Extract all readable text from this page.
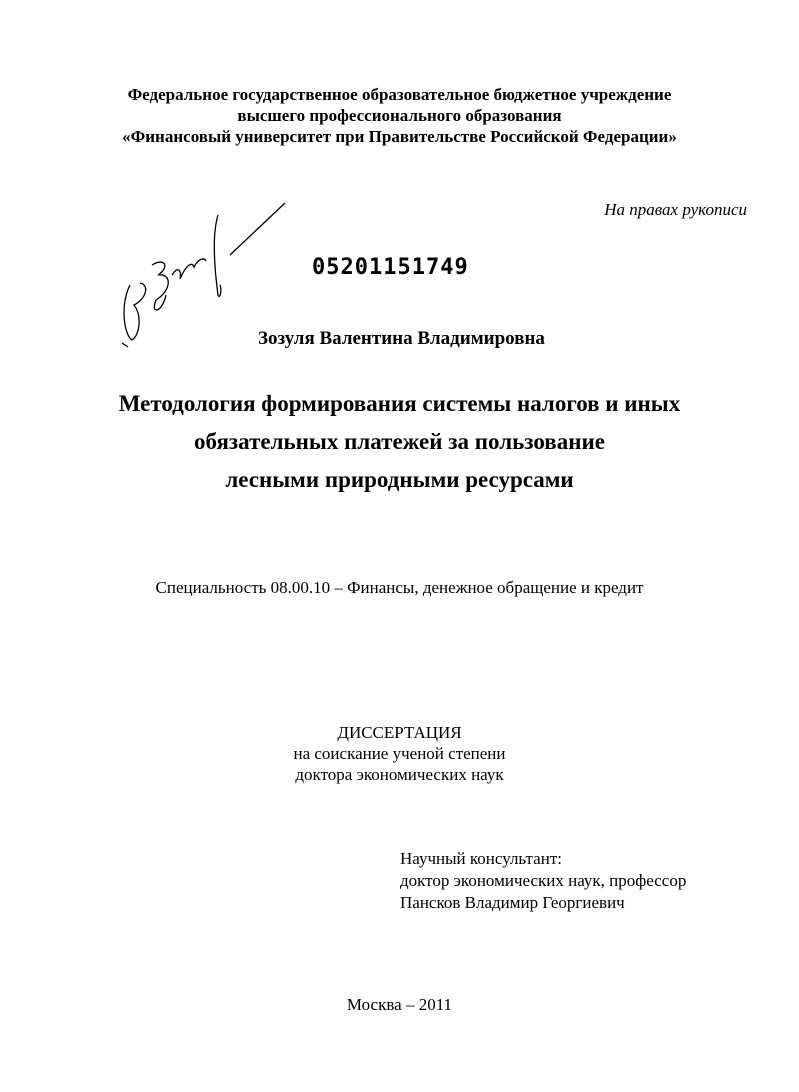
Федеральное государственное образовательное бюджетное учреждение
высшего профессионального образования
«Финансовый университет при Правительстве Российской Федерации»
На правах рукописи
05201151749
Зозуля Валентина Владимировна
Методология формирования системы налогов и иных
обязательных платежей за пользование
лесными природными ресурсами
Специальность 08.00.10 – Финансы, денежное обращение и кредит
ДИССЕРТАЦИЯ
на соискание ученой степени
доктора экономических наук
Научный консультант:
доктор экономических наук, профессор
Пансков Владимир Георгиевич
Москва – 2011
